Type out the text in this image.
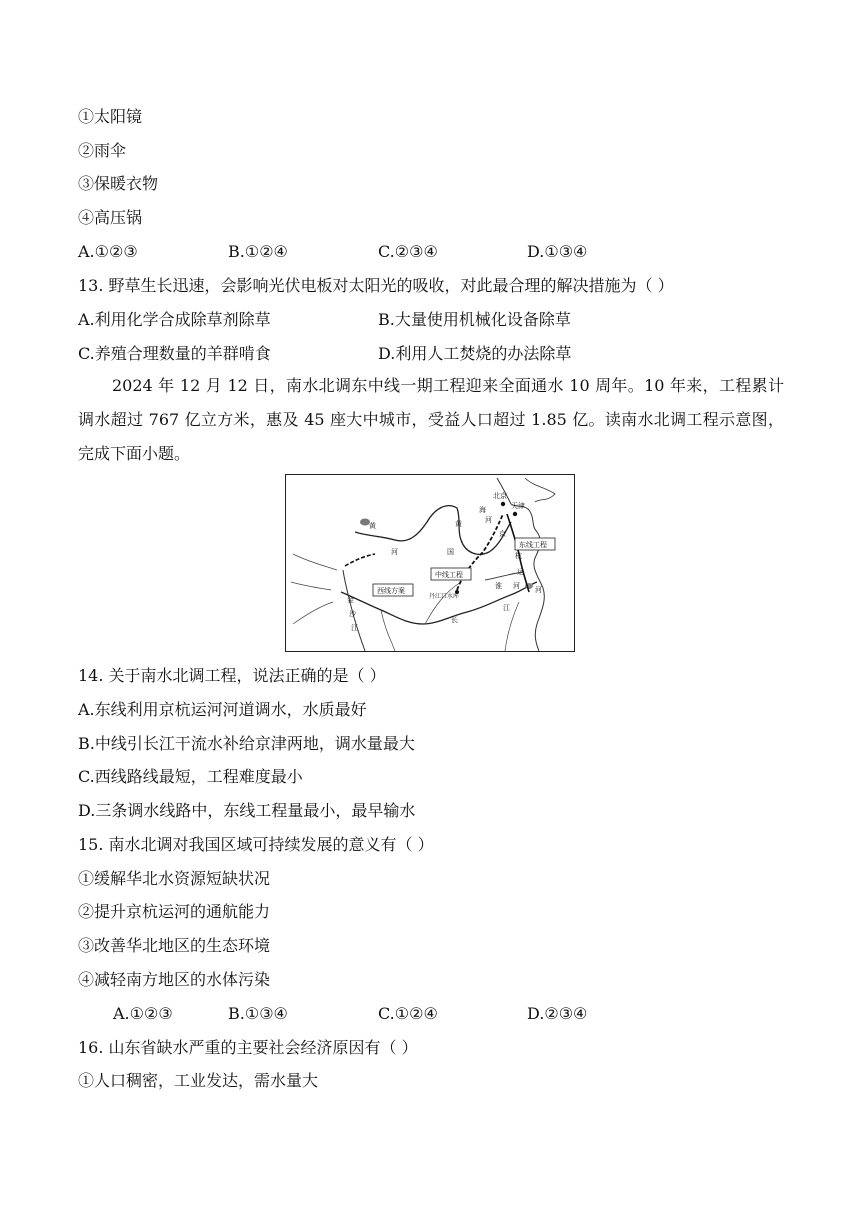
①太阳镜
②雨伞
③保暖衣物
④高压锅
A.①②③	B.①②④	C.②③④	D.①③④
13. 野草生长迅速，会影响光伏电板对太阳光的吸收，对此最合理的解决措施为（ ）
A.利用化学合成除草剂除草	B.大量使用机械化设备除草
C.养殖合理数量的羊群啃食	D.利用人工焚烧的办法除草
2024 年 12 月 12 日，南水北调东中线一期工程迎来全面通水 10 周年。10 年来，工程累计调水超过 767 亿立方米，惠及 45 座大中城市，受益人口超过 1.85 亿。读南水北调工程示意图，完成下面小题。
北京
天津
东线工程
中线工程
西线方案
丹江口水库
黄
河
黄
海
河
京
杭
运
河
淮 河
长
江
金
沙
江
国
14. 关于南水北调工程，说法正确的是（ ）
A.东线利用京杭运河河道调水，水质最好
B.中线引长江干流水补给京津两地，调水量最大
C.西线路线最短，工程难度最小
D.三条调水线路中，东线工程量最小，最早输水
15. 南水北调对我国区域可持续发展的意义有（ ）
①缓解华北水资源短缺状况
②提升京杭运河的通航能力
③改善华北地区的生态环境
④减轻南方地区的水体污染
A.①②③	B.①③④	C.①②④	D.②③④
16. 山东省缺水严重的主要社会经济原因有（ ）
①人口稠密，工业发达，需水量大
